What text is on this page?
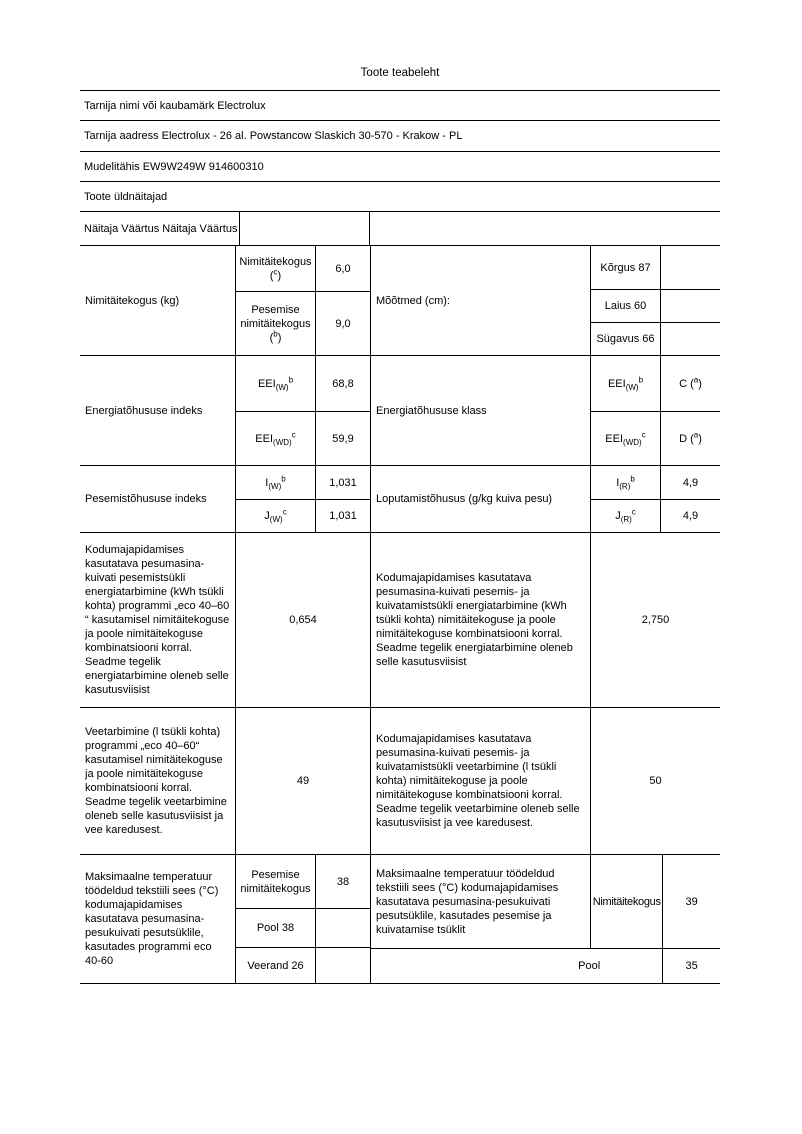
Toote teabeleht
Tarnija nimi või kaubamärk Electrolux
Tarnija aadress Electrolux - 26 al. Powstancow Slaskich 30-570 - Krakow - PL
Mudelitähis EW9W249W 914600310
Toote üldnäitajad
Näitaja Väärtus Näitaja Väärtus
Nimitäitekogus (kg)
Nimitäitekogus ($^c$)
Pesemise nimitäitekogus ($^b$)
6,0
9,0
Mõõtmed (cm):
Kõrgus 87
Laius 60
Sügavus 66
Energiatõhususe indeks
$EEI_{(W)}^b$
$EEI_{(WD)}^c$
68,8
59,9
Energiatõhususe klass
$EEI_{(W)}^b$
$EEI_{(WD)}^c$
C ($^a$)
D ($^a$)
Pesemistõhususe indeks
$I_{(W)}^b$
$J_{(W)}^c$
1,031
1,031
Loputamistõhusus (g/kg kuiva pesu)
$I_{(R)}^b$
$J_{(R)}^c$
4,9
4,9
Kodumajapidamises kasutatava pesumasina-kuivati pesemistsükli energiatarbimine (kWh tsükli kohta) programmi „eco 40–60 “ kasutamisel nimitäitekoguse ja poole nimitäitekoguse kombinatsiooni korral. Seadme tegelik energiatarbimine oleneb selle kasutusviisist
0,654
Kodumajapidamises kasutatava pesumasina-kuivati pesemis- ja kuivatamistsükli energiatarbimine (kWh tsükli kohta) nimitäitekoguse ja poole nimitäitekoguse kombinatsiooni korral. Seadme tegelik energiatarbimine oleneb selle kasutusviisist
2,750
Veetarbimine (l tsükli kohta) programmi „eco 40–60“ kasutamisel nimitäitekoguse ja poole nimitäitekoguse kombinatsiooni korral. Seadme tegelik veetarbimine oleneb selle kasutusviisist ja vee karedusest.
49
Kodumajapidamises kasutatava pesumasina-kuivati pesemis- ja kuivatamistsükli veetarbimine (l tsükli kohta) nimitäitekoguse ja poole nimitäitekoguse kombinatsiooni korral. Seadme tegelik veetarbimine oleneb selle kasutusviisist ja vee karedusest.
50
Maksimaalne temperatuur töödeldud tekstiili sees (°C) kodumajapidamises kasutatava pesumasina-pesukuivati pesutsüklile, kasutades programmi eco 40-60
Pesemise nimitäitekogus
Pool 38
Veerand 26
38
Maksimaalne temperatuur töödeldud tekstiili sees (°C) kodumajapidamises kasutatava pesumasina-pesukuivati pesutsüklile, kasutades pesemise ja kuivatamise tsüklit
Nimitäitekogus 39
Pool	35
